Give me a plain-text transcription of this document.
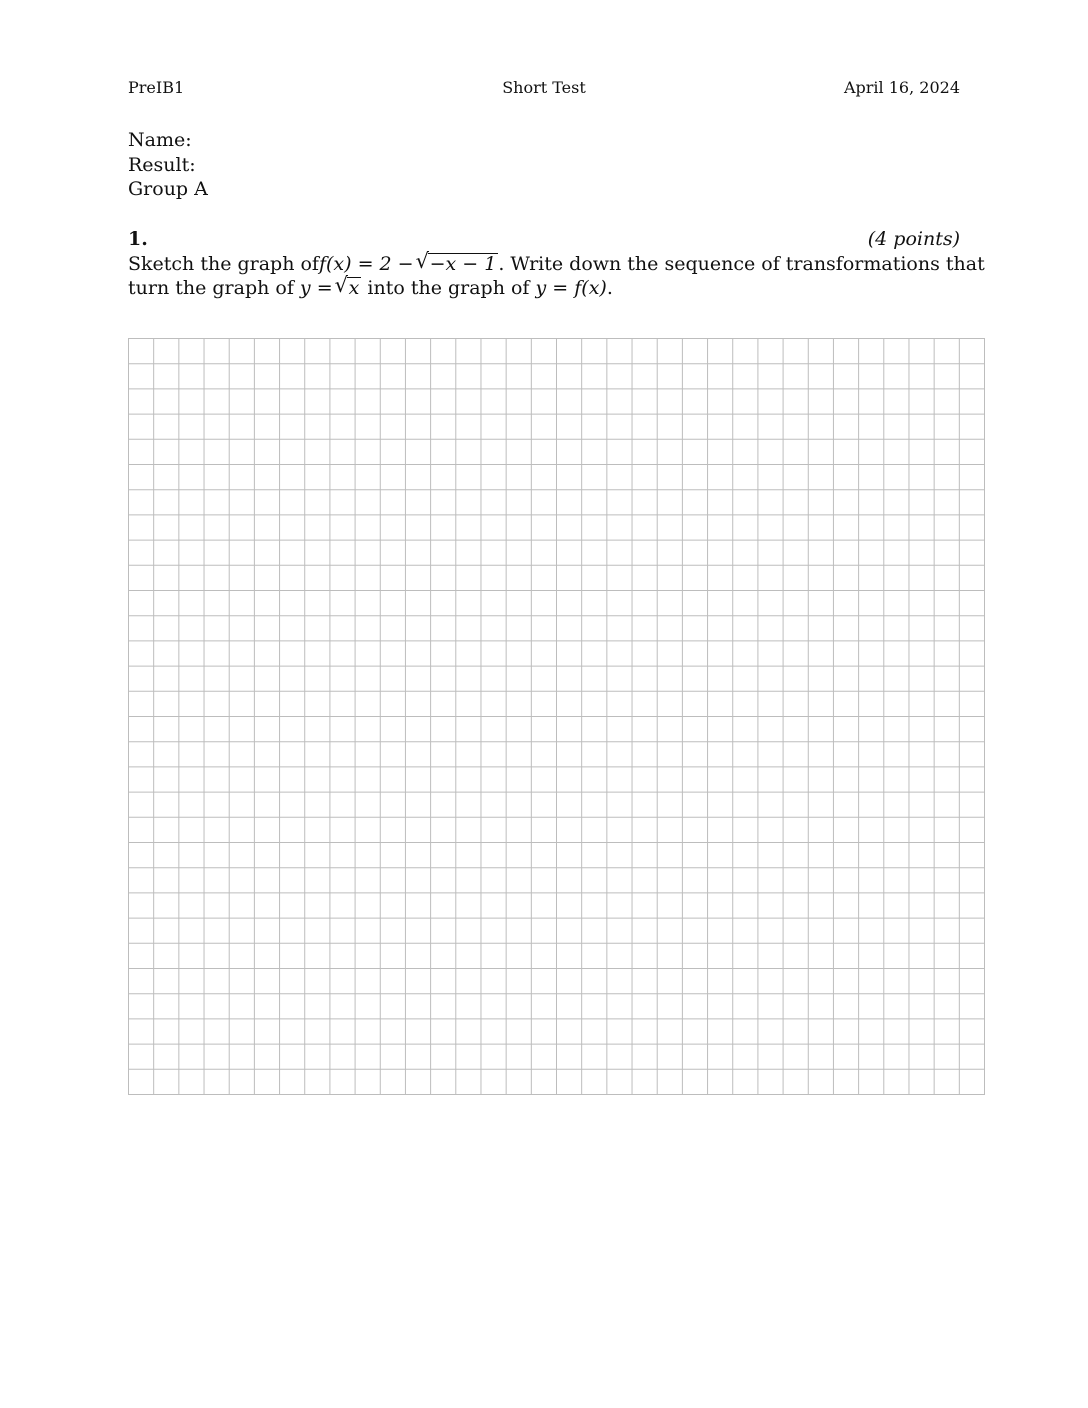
PreIB1	Short Test	April 16, 2024
Name:
Result:
Group A
1.	(4 points)
Sketch the graph of f(x) = 2 − √ −x − 1 . Write down the sequence of transformations that
turn the graph of y = √ x into the graph of y = f(x).
